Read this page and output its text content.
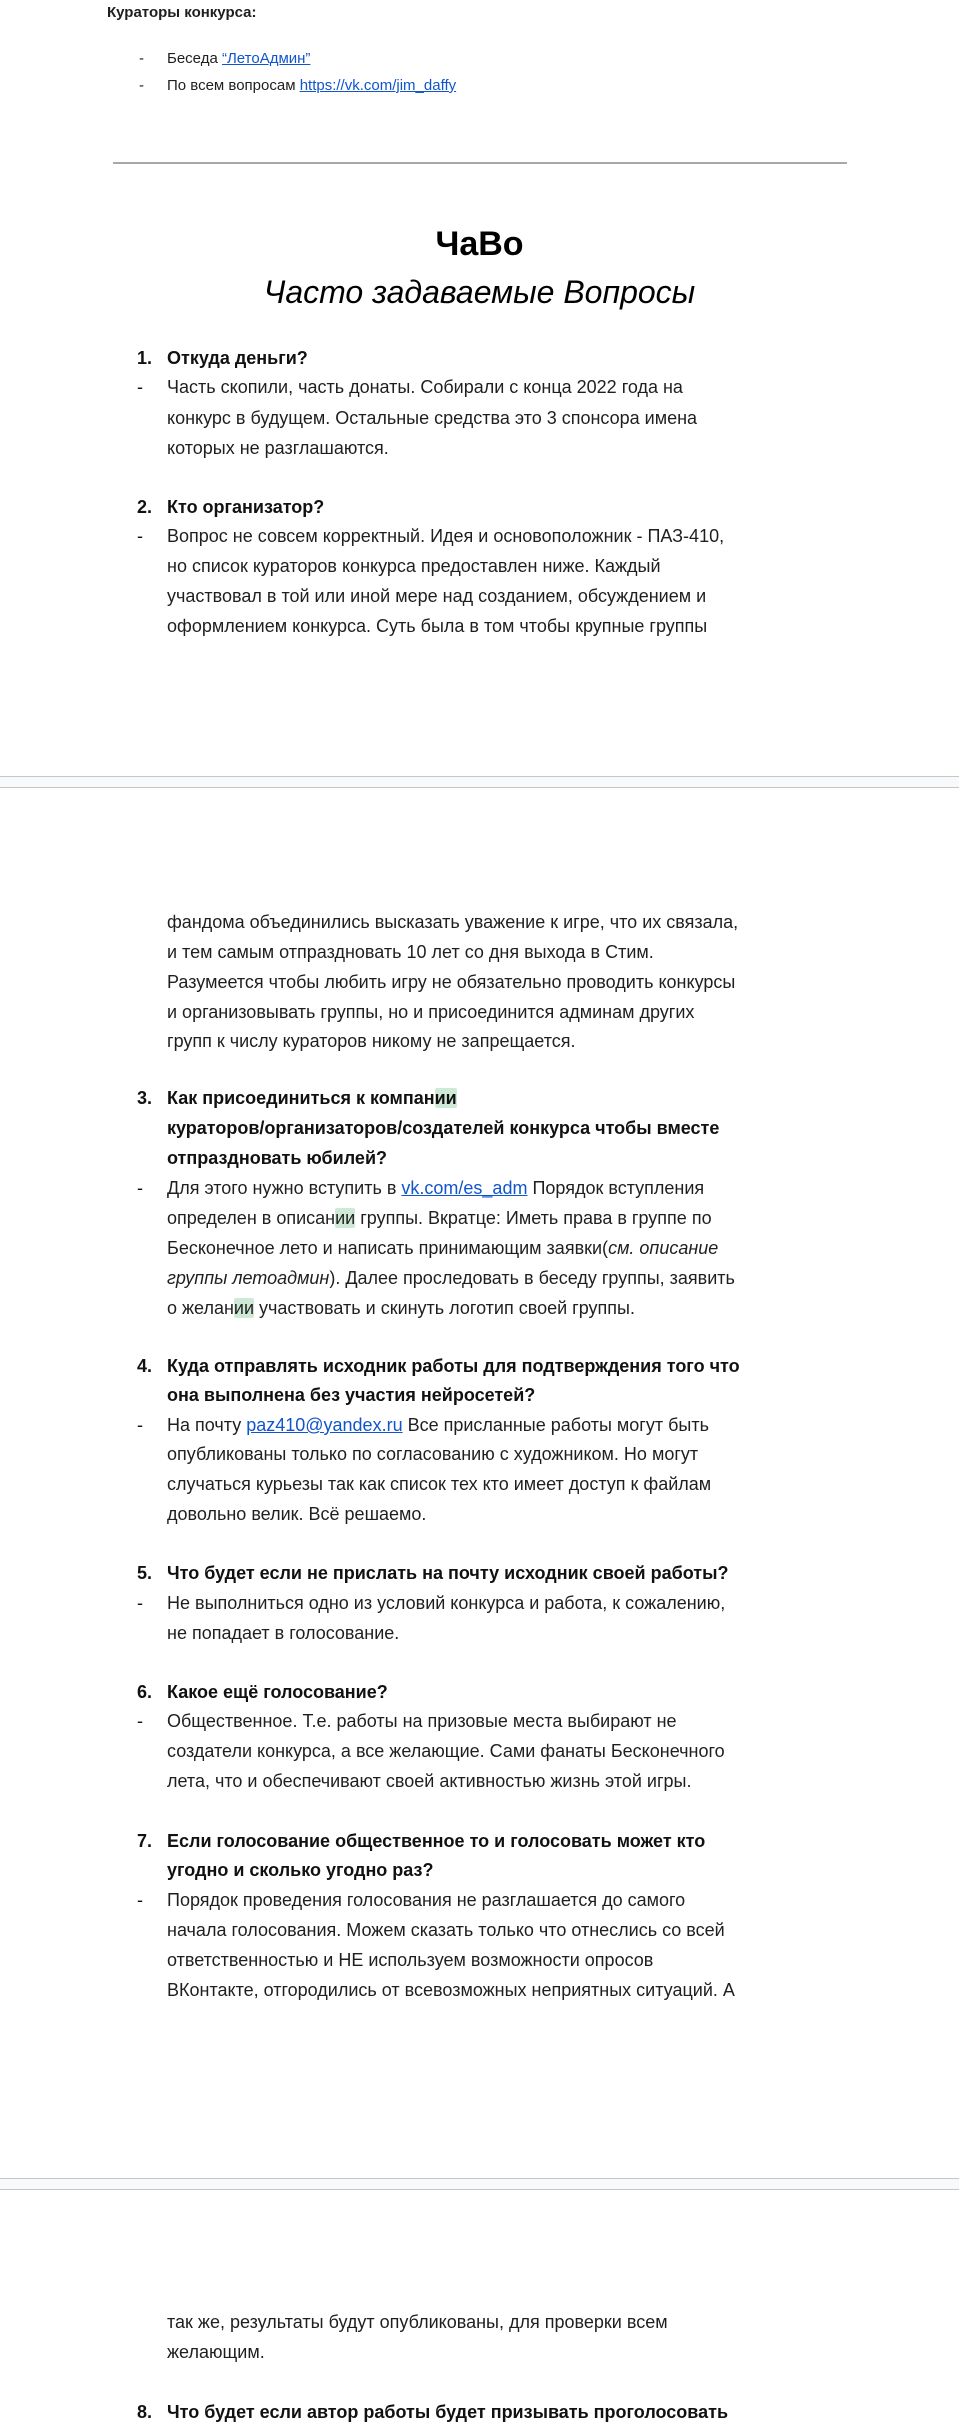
Кураторы конкурса:
- Беседа “ЛетоАдмин”
- По всем вопросам https://vk.com/jim_daffy
ЧаВо
Часто задаваемые Вопросы
1. Откуда деньги?
Часть скопили, часть донаты. Собирали с конца 2022 года на
-
конкурс в будущем. Остальные средства это 3 спонсора имена
которых не разглашаются.
2. Кто организатор?
Вопрос не совсем корректный. Идея и основоположник - ПАЗ-410,
-
но список кураторов конкурса предоставлен ниже. Каждый
участвовал в той или иной мере над созданием, обсуждением и
оформлением конкурса. Суть была в том чтобы крупные группы
фандома объединились высказать уважение к игре, что их связала,
и тем самым отпраздновать 10 лет со дня выхода в Стим.
Разумеется чтобы любить игру не обязательно проводить конкурсы
и организовывать группы, но и присоединится админам других
групп к числу кураторов никому не запрещается.
3. Как присоединиться к компании
кураторов/организаторов/создателей конкурса чтобы вместе
отпраздновать юбилей?
Для этого нужно вступить в vk.com/es_adm Порядок вступления
-
определен в описании группы. Вкратце: Иметь права в группе по
Бесконечное лето и написать принимающим заявки(см. описание
группы летоадмин). Далее проследовать в беседу группы, заявить
о желании участвовать и скинуть логотип своей группы.
4. Куда отправлять исходник работы для подтверждения того что
она выполнена без участия нейросетей?
На почту paz410@yandex.ru Все присланные работы могут быть
-
опубликованы только по согласованию с художником. Но могут
случаться курьезы так как список тех кто имеет доступ к файлам
довольно велик. Всё решаемо.
5. Что будет если не прислать на почту исходник своей работы?
Не выполниться одно из условий конкурса и работа, к сожалению,
-
не попадает в голосование.
6. Какое ещё голосование?
Общественное. Т.е. работы на призовые места выбирают не
-
создатели конкурса, а все желающие. Сами фанаты Бесконечного
лета, что и обеспечивают своей активностью жизнь этой игры.
7. Если голосование общественное то и голосовать может кто
угодно и сколько угодно раз?
Порядок проведения голосования не разглашается до самого
-
начала голосования. Можем сказать только что отнеслись со всей
ответственностью и НЕ используем возможности опросов
ВКонтакте, отгородились от всевозможных неприятных ситуаций. А
так же, результаты будут опубликованы, для проверки всем
желающим.
8. Что будет если автор работы будет призывать проголосовать
